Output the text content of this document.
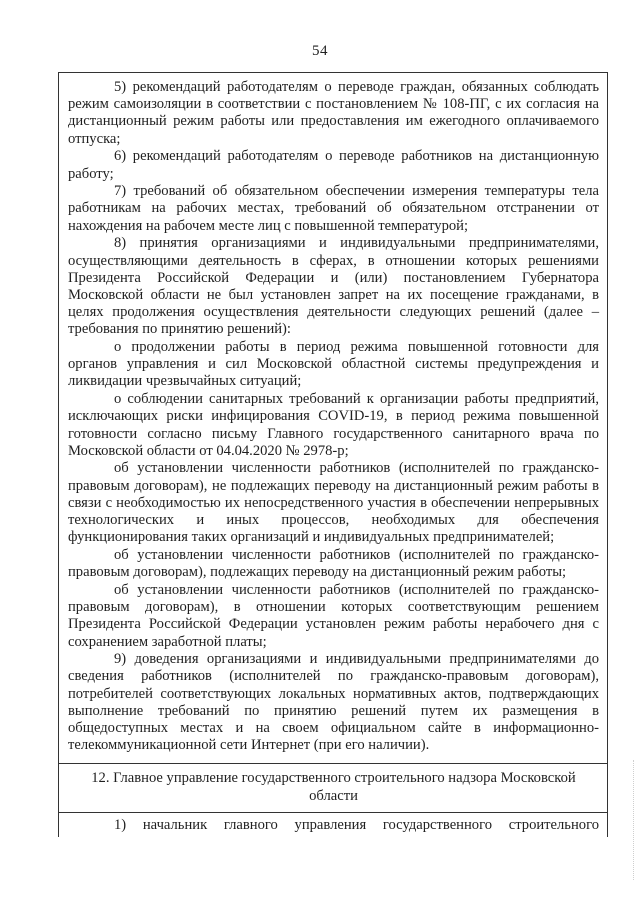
54

5) рекомендаций работодателям о переводе граждан, обязанных соблюдать режим самоизоляции в соответствии с постановлением № 108-ПГ, с их согласия на дистанционный режим работы или предоставления им ежегодного оплачиваемого отпуска;

6) рекомендаций работодателям о переводе работников на дистанционную работу;

7) требований об обязательном обеспечении измерения температуры тела работникам на рабочих местах, требований об обязательном отстранении от нахождения на рабочем месте лиц с повышенной температурой;

8) принятия организациями и индивидуальными предпринимателями, осуществляющими деятельность в сферах, в отношении которых решениями Президента Российской Федерации и (или) постановлением Губернатора Московской области не был установлен запрет на их посещение гражданами, в целях продолжения осуществления деятельности следующих решений (далее – требования по принятию решений):

о продолжении работы в период режима повышенной готовности для органов управления и сил Московской областной системы предупреждения и ликвидации чрезвычайных ситуаций;

о соблюдении санитарных требований к организации работы предприятий, исключающих риски инфицирования COVID-19, в период режима повышенной готовности согласно письму Главного государственного санитарного врача по Московской области от 04.04.2020 № 2978-р;

об установлении численности работников (исполнителей по гражданско-правовым договорам), не подлежащих переводу на дистанционный режим работы в связи с необходимостью их непосредственного участия в обеспечении непрерывных технологических и иных процессов, необходимых для обеспечения функционирования таких организаций и индивидуальных предпринимателей;

об установлении численности работников (исполнителей по гражданско-правовым договорам), подлежащих переводу на дистанционный режим работы;

об установлении численности работников (исполнителей по гражданско-правовым договорам), в отношении которых соответствующим решением Президента Российской Федерации установлен режим работы нерабочего дня с сохранением заработной платы;

9) доведения организациями и индивидуальными предпринимателями до сведения работников (исполнителей по гражданско-правовым договорам), потребителей соответствующих локальных нормативных актов, подтверждающих выполнение требований по принятию решений путем их размещения в общедоступных местах и на своем официальном сайте в информационно-телекоммуникационной сети Интернет (при его наличии).

12. Главное управление государственного строительного надзора Московской области

1) начальник главного управления государственного строительного
